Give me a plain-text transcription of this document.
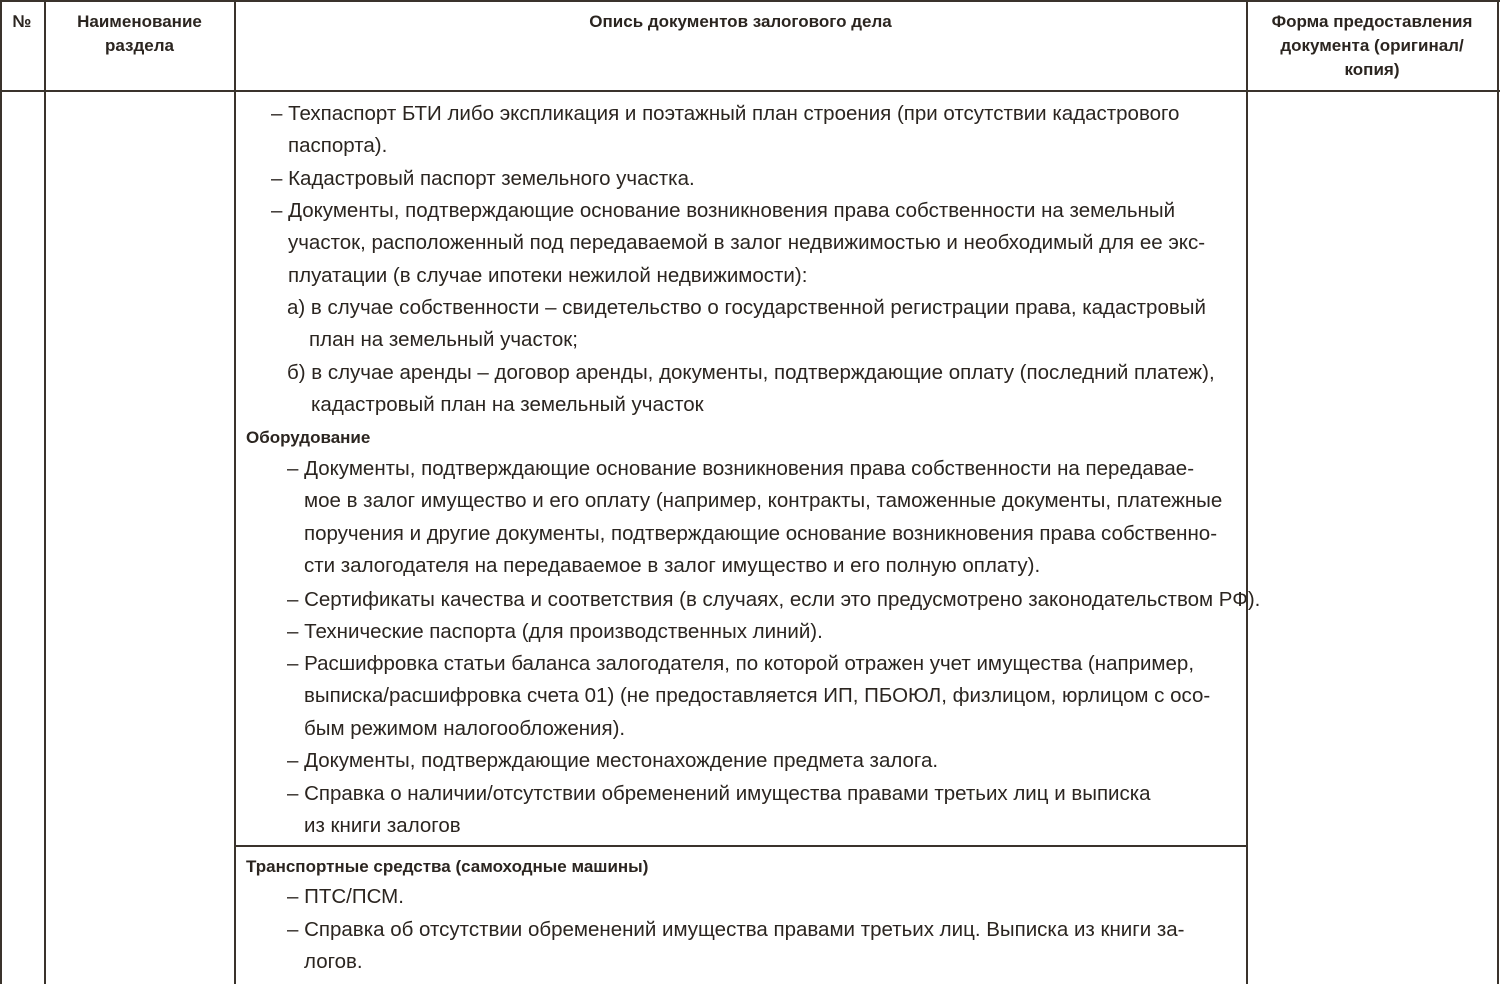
№	Наименование
раздела
Опись документов залогового дела	Форма предоставления
документа (оригинал/
копия)
– Техпаспорт БТИ либо экспликация и поэтажный план строения (при отсутствии кадастрового
паспорта).
– Кадастровый паспорт земельного участка.
– Документы, подтверждающие основание возникновения права собственности на земельный
участок, расположенный под передаваемой в залог недвижимостью и необходимый для ее экс-
плуатации (в случае ипотеки нежилой недвижимости):
а) в случае собственности – свидетельство о государственной регистрации права, кадастровый
план на земельный участок;
б) в случае аренды – договор аренды, документы, подтверждающие оплату (последний платеж),
кадастровый план на земельный участок
Оборудование
– Документы, подтверждающие основание возникновения права собственности на передавае-
мое в залог имущество и его оплату (например, контракты, таможенные документы, платежные
поручения и другие документы, подтверждающие основание возникновения права собственно-
сти залогодателя на передаваемое в залог имущество и его полную оплату).
– Сертификаты качества и соответствия (в случаях, если это предусмотрено законодательством РФ).
– Технические паспорта (для производственных линий).
– Расшифровка статьи баланса залогодателя, по которой отражен учет имущества (например,
выписка/расшифровка счета 01) (не предоставляется ИП, ПБОЮЛ, физлицом, юрлицом с осо-
бым режимом налогообложения).
– Документы, подтверждающие местонахождение предмета залога.
– Справка о наличии/отсутствии обременений имущества правами третьих лиц и выписка
из книги залогов
Транспортные средства (самоходные машины)
– ПТС/ПСМ.
– Справка об отсутствии обременений имущества правами третьих лиц. Выписка из книги за-
логов.
